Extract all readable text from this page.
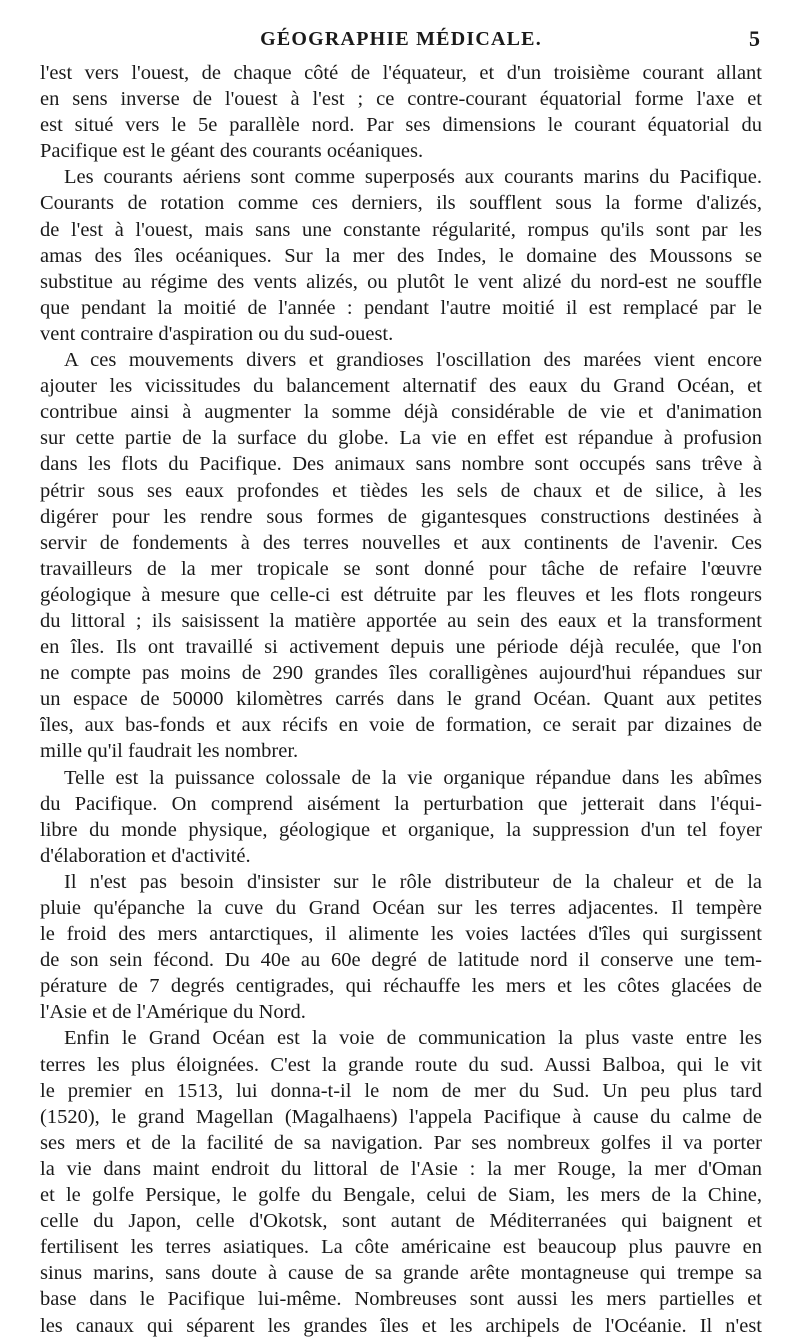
GÉOGRAPHIE MÉDICALE.	5
l'est vers l'ouest, de chaque côté de l'équateur, et d'un troisième courant allant
en sens inverse de l'ouest à l'est ; ce contre-courant équatorial forme l'axe et
est situé vers le 5e parallèle nord. Par ses dimensions le courant équatorial du
Pacifique est le géant des courants océaniques.
Les courants aériens sont comme superposés aux courants marins du Pacifique.
Courants de rotation comme ces derniers, ils soufflent sous la forme d'alizés,
de l'est à l'ouest, mais sans une constante régularité, rompus qu'ils sont par les
amas des îles océaniques. Sur la mer des Indes, le domaine des Moussons se
substitue au régime des vents alizés, ou plutôt le vent alizé du nord-est ne souffle
que pendant la moitié de l'année : pendant l'autre moitié il est remplacé par le
vent contraire d'aspiration ou du sud-ouest.
A ces mouvements divers et grandioses l'oscillation des marées vient encore
ajouter les vicissitudes du balancement alternatif des eaux du Grand Océan, et
contribue ainsi à augmenter la somme déjà considérable de vie et d'animation
sur cette partie de la surface du globe. La vie en effet est répandue à profusion
dans les flots du Pacifique. Des animaux sans nombre sont occupés sans trêve à
pétrir sous ses eaux profondes et tièdes les sels de chaux et de silice, à les
digérer pour les rendre sous formes de gigantesques constructions destinées à
servir de fondements à des terres nouvelles et aux continents de l'avenir. Ces
travailleurs de la mer tropicale se sont donné pour tâche de refaire l'œuvre
géologique à mesure que celle-ci est détruite par les fleuves et les flots rongeurs
du littoral ; ils saisissent la matière apportée au sein des eaux et la transforment
en îles. Ils ont travaillé si activement depuis une période déjà reculée, que l'on
ne compte pas moins de 290 grandes îles coralligènes aujourd'hui répandues sur
un espace de 50000 kilomètres carrés dans le grand Océan. Quant aux petites
îles, aux bas-fonds et aux récifs en voie de formation, ce serait par dizaines de
mille qu'il faudrait les nombrer.
Telle est la puissance colossale de la vie organique répandue dans les abîmes
du Pacifique. On comprend aisément la perturbation que jetterait dans l'équi-
libre du monde physique, géologique et organique, la suppression d'un tel foyer
d'élaboration et d'activité.
Il n'est pas besoin d'insister sur le rôle distributeur de la chaleur et de la
pluie qu'épanche la cuve du Grand Océan sur les terres adjacentes. Il tempère
le froid des mers antarctiques, il alimente les voies lactées d'îles qui surgissent
de son sein fécond. Du 40e au 60e degré de latitude nord il conserve une tem-
pérature de 7 degrés centigrades, qui réchauffe les mers et les côtes glacées de
l'Asie et de l'Amérique du Nord.
Enfin le Grand Océan est la voie de communication la plus vaste entre les
terres les plus éloignées. C'est la grande route du sud. Aussi Balboa, qui le vit
le premier en 1513, lui donna-t-il le nom de mer du Sud. Un peu plus tard
(1520), le grand Magellan (Magalhaens) l'appela Pacifique à cause du calme de
ses mers et de la facilité de sa navigation. Par ses nombreux golfes il va porter
la vie dans maint endroit du littoral de l'Asie : la mer Rouge, la mer d'Oman
et le golfe Persique, le golfe du Bengale, celui de Siam, les mers de la Chine,
celle du Japon, celle d'Okotsk, sont autant de Méditerranées qui baignent et
fertilisent les terres asiatiques. La côte américaine est beaucoup plus pauvre en
sinus marins, sans doute à cause de sa grande arête montagneuse qui trempe sa
base dans le Pacifique lui-même. Nombreuses sont aussi les mers partielles et
les canaux qui séparent les grandes îles et les archipels de l'Océanie. Il n'est
